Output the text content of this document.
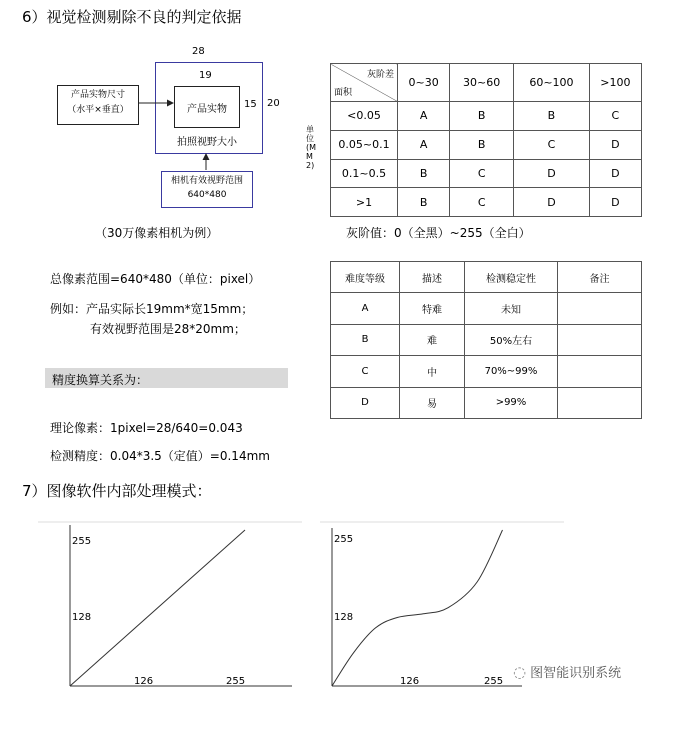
6）视觉检测剔除不良的判定依据
28
19
产品实物 15 20
拍照视野大小
产品实物尺寸
（水平×垂直）
相机有效视野范围
640*480
（30万像素相机为例）
总像素范围=640*480（单位：pixel）
例如：产品实际长19mm*宽15mm；
有效视野范围是28*20mm；
精度换算关系为：
理论像素：1pixel=28/640=0.043
检测精度：0.04*3.5（定值）=0.14mm
单位(MM2)
灰阶差
面积	0~30	30~60	60~100	>100
<0.05	A	B	B	C
0.05~0.1	A	B	C	D
0.1~0.5	B	C	D	D
>1	B	C	D	D
灰阶值：0（全黑）~255（全白）
难度等级	描述	检测稳定性	备注
A	特难	未知	
B	难	50%左右	
C	中	70%~99%	
D	易	>99%	
7）图像软件内部处理模式：
255
128
126	255
255
128
126	255
◌ 图智能识别系统
